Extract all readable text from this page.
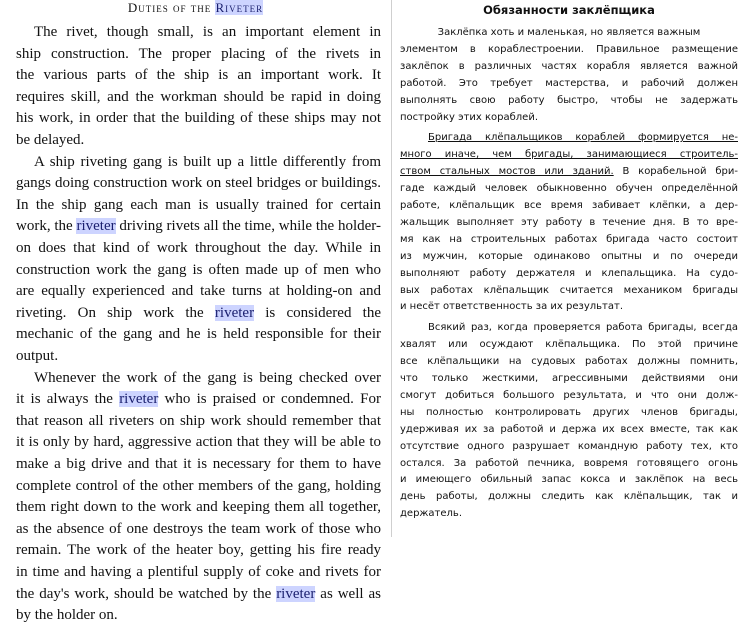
Duties of the Riveter
The rivet, though small, is an important element in
ship construction. The proper placing of the rivets in
the various parts of the ship is an important work. It
requires skill, and the workman should be rapid in doing
his work, in order that the building of these ships may not
be delayed.
A ship riveting gang is built up a little differently from
gangs doing construction work on steel bridges or buildings.
In the ship gang each man is usually trained for certain
work, the riveter driving rivets all the time, while the holder-
on does that kind of work throughout the day. While in
construction work the gang is often made up of men who
are equally experienced and take turns at holding-on and
riveting. On ship work the riveter is considered the
mechanic of the gang and he is held responsible for their
output.
Whenever the work of the gang is being checked over
it is always the riveter who is praised or condemned. For
that reason all riveters on ship work should remember that
it is only by hard, aggressive action that they will be able to
make a big drive and that it is necessary for them to have
complete control of the other members of the gang, holding
them right down to the work and keeping them all together,
as the absence of one destroys the team work of those who
remain. The work of the heater boy, getting his fire ready
in time and having a plentiful supply of coke and rivets for
the day's work, should be watched by the riveter as well as
by the holder on.
Обязанности заклёпщика
Заклёпка хоть и маленькая, но является важным
элементом в кораблестроении. Правильное размещение
заклёпок в различных частях корабля является важной
работой. Это требует мастерства, и рабочий должен
выполнять свою работу быстро, чтобы не задержать
постройку этих кораблей.
Бригада клёпальщиков кораблей формируется не-
много иначе, чем бригады, занимающиеся строитель-
ством стальных мостов или зданий. В корабельной бри-
гаде каждый человек обыкновенно обучен определённой
работе, клёпальщик все время забивает клёпки, а дер-
жальщик выполняет эту работу в течение дня. В то вре-
мя как на строительных работах бригада часто состоит
из мужчин, которые одинаково опытны и по очереди
выполняют работу держателя и клепальщика. На судо-
вых работах клёпальщик считается механиком бригады
и несёт ответственность за их результат.
Всякий раз, когда проверяется работа бригады, всегда
хвалят или осуждают клёпальщика. По этой причине
все клёпальщики на судовых работах должны помнить,
что только жесткими, агрессивными действиями они
смогут добиться большого результата, и что они долж-
ны полностью контролировать других членов бригады,
удерживая их за работой и держа их всех вместе, так как
отсутствие одного разрушает командную работу тех, кто
остался. За работой печника, вовремя готовящего огонь
и имеющего обильный запас кокса и заклёпок на весь
день работы, должны следить как клёпальщик, так и
держатель.
